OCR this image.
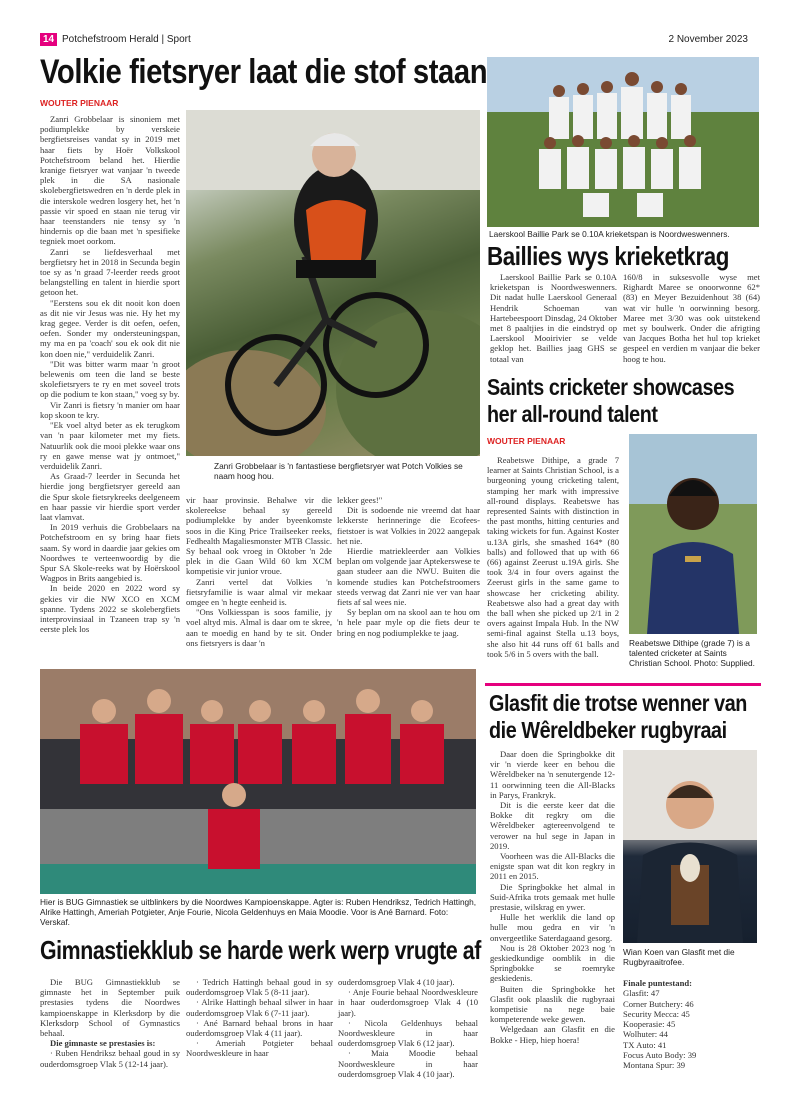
14 Potchefstroom Herald | Sport	2 November 2023
Volkie fietsryer laat die stof staan
WOUTER PIENAAR

Zanri Grobbelaar is sinoniem met podiumplekke by verskeie bergfietsreises vandat sy in 2019 met haar fiets by Hoër Volkskool Potchefstroom beland het. Hierdie kranige fietsryer wat vanjaar 'n tweede plek in die SA nasionale skolebergfietswedren en 'n derde plek in die interskole wedren losgery het, het 'n passie vir spoed en staan nie terug vir haar teenstanders nie tensy sy 'n hindernis op die baan met 'n spesifieke tegniek moet oorkom.

Zanri se liefdesverhaal met bergfietsry het in 2018 in Secunda begin toe sy as 'n graad 7-leerder reeds groot belangstelling en talent in hierdie sport getoon het.

"Eerstens sou ek dit nooit kon doen as dit nie vir Jesus was nie. Hy het my krag gegee. Verder is dit oefen, oefen, oefen. Sonder my ondersteuningspan, my ma en pa 'coach' sou ek ook dit nie kon doen nie," verduidelik Zanri.

"Dit was bitter warm maar 'n groot belewenis om teen die land se beste skolefietsryers te ry en met soveel trots op die podium te kon staan," voeg sy by.

Vir Zanri is fietsry 'n manier om haar kop skoon te kry.

"Ek voel altyd beter as ek terugkom van 'n paar kilometer met my fiets. Natuurlik ook die mooi plekke waar ons ry en gawe mense wat jy ontmoet," verduidelik Zanri.

As Graad-7 leerder in Secunda het hierdie jong bergfietsryer gereeld aan die Spur skole fietsrykreeks deelgeneem en haar passie vir hierdie sport verder laat vlamvat.

In 2019 verhuis die Grobbelaars na Potchefstroom en sy bring haar fiets saam. Sy word in daardie jaar gekies om Noordwes te verteenwoordig by die Spur SA Skole-reeks wat by Hoërskool Wagpos in Brits aangebied is.

In beide 2020 en 2022 word sy gekies vir die NW XCO en XCM spanne. Tydens 2022 se skolebergfiets interprovinsiaal in Tzaneen trap sy 'n eerste plek los

Zanri Grobbelaar is 'n fantastiese bergfietsryer wat Potch Volkies se naam hoog hou.

vir haar provinsie. Behalwe vir die skolereekse behaal sy gereeld podiumplekke by ander byeenkomste soos in die King Price Trailseeker reeks, Fedhealth Magaliesmonster MTB Classic. Sy behaal ook vroeg in Oktober 'n 2de plek in die Gaan Wild 60 km XCM kompetisie vir junior vroue.

Zanri vertel dat Volkies 'n fietsryfamilie is waar almal vir mekaar omgee en 'n hegte eenheid is.

"Ons Volkiesspan is soos familie, jy voel altyd mis. Almal is daar om te skree, aan te moedig en hand by te sit. Onder ons fietsryers is daar 'n

lekker gees!"

Dit is sodoende nie vreemd dat haar lekkerste herinneringe die Ecofees-fietstoer is wat Volkies in 2022 aangepak het nie.

Hierdie matriekleerder aan Volkies beplan om volgende jaar Aptekerswese te gaan studeer aan die NWU. Buiten die komende studies kan Potchefstroomers steeds verwag dat Zanri nie ver van haar fiets af sal wees nie.

Sy beplan om na skool aan te hou om 'n hele paar myle op die fiets deur te bring en nog podiumplekke te jaag.

Laerskool Baillie Park se 0.10A krieketspan is Noordweswenners.
Baillies wys krieketkrag

Laerskool Baillie Park se 0.10A krieketspan is Noordweswenners. Dit nadat hulle Laerskool Generaal Hendrik Schoeman van Hartebeespoort Dinsdag, 24 Oktober met 8 paaltjies in die eindstryd op Laerskool Mooirivier se velde geklop het. Baillies jaag GHS se totaal van

160/8 in suksesvolle wyse met Righardt Maree se onoorwonne 62* (83) en Meyer Bezuidenhout 38 (64) wat vir hulle 'n oorwinning besorg. Maree met 3/30 was ook uitstekend met sy boulwerk. Onder die afrigting van Jacques Botha het hul top krieket gespeel en verdien m vanjaar die beker hoog te hou.

Saints cricketer showcases her all-round talent
WOUTER PIENAAR

Reabetswe Dithipe, a grade 7 learner at Saints Christian School, is a burgeoning young cricketing talent, stamping her mark with impressive all-round displays. Reabetswe has represented Saints with distinction in the past months, hitting centuries and taking wickets for fun. Against Koster u.13A girls, she smashed 164* (80 balls) and followed that up with 66 (66) against Zeerust u.19A girls. She took 3/4 in four overs against the Zeerust girls in the same game to showcase her cricketing ability. Reabetswe also had a great day with the ball when she picked up 2/1 in 2 overs against Impala Hub. In the NW semi-final against Stella u.13 boys, she also hit 44 runs off 61 balls and took 5/6 in 5 overs with the ball.

Reabetswe Dithipe (grade 7) is a talented cricketer at Saints Christian School. Photo: Supplied.
Hier is BUG Gimnastiek se uitblinkers by die Noordwes Kampioenskappe. Agter is: Ruben Hendriksz, Tedrich Hattingh, Alrike Hattingh, Ameriah Potgieter, Anje Fourie, Nicola Geldenhuys en Maia Moodie. Voor is Ané Barnard. Foto: Verskaf.
Gimnastiekklub se harde werk werp vrugte af

Die BUG Gimnastiekklub se gimnaste het in September puik prestasies tydens die Noordwes kampioenskappe in Klerksdorp by die Klerksdorp School of Gymnastics behaal.

Die gimnaste se prestasies is:

· Ruben Hendriksz behaal goud in sy ouderdomsgroep Vlak 5 (12-14 jaar).

· Tedrich Hattingh behaal goud in sy ouderdomsgroep Vlak 5 (8-11 jaar).

· Alrike Hattingh behaal silwer in haar ouderdomsgroep Vlak 6 (7-11 jaar).

· Ané Barnard behaal brons in haar ouderdomsgroep Vlak 4 (11 jaar).

· Ameriah Potgieter behaal Noordweskleure in haar

ouderdomsgroep Vlak 4 (10 jaar).

· Anje Fourie behaal Noordweskleure in haar ouderdomsgroep Vlak 4 (10 jaar).

· Nicola Geldenhuys behaal Noordweskleure in haar ouderdomsgroep Vlak 6 (12 jaar).

· Maia Moodie behaal Noordweskleure in haar ouderdomsgroep Vlak 4 (10 jaar).

Glasfit die trotse wenner van
die Wêreldbeker rugbyraai

Daar doen die Springbokke dit vir 'n vierde keer en behou die Wêreldbeker na 'n senutergende 12-11 oorwinning teen die All-Blacks in Parys, Frankryk.

Dit is die eerste keer dat die Bokke dit regkry om die Wêreldbeker agtereenvolgend te verower na hul sege in Japan in 2019.

Voorheen was die All-Blacks die enigste span wat dit kon regkry in 2011 en 2015.

Die Springbokke het almal in Suid-Afrika trots gemaak met hulle prestasie, wilskrag en ywer.

Hulle het werklik die land op hulle mou gedra en vir 'n onvergeetlike Saterdagaand gesorg.

Nou is 28 Oktober 2023 nog 'n geskiedkundige oomblik in die Springbokke se roemryke geskiedenis.

Buiten die Springbokke het Glasfit ook plaaslik die rugbyraai kompetisie na nege baie kompeterende weke gewen.

Welgedaan aan Glasfit en die Bokke - Hiep, hiep hoera!

Wian Koen van Glasfit met die Rugbyraaitrofee.
Finale puntestand:
Glasfit: 47
Corner Butchery: 46
Security Mecca: 45
Kooperasie: 45
Wolhuter: 44
TX Auto: 41
Focus Auto Body: 39
Montana Spur: 39
